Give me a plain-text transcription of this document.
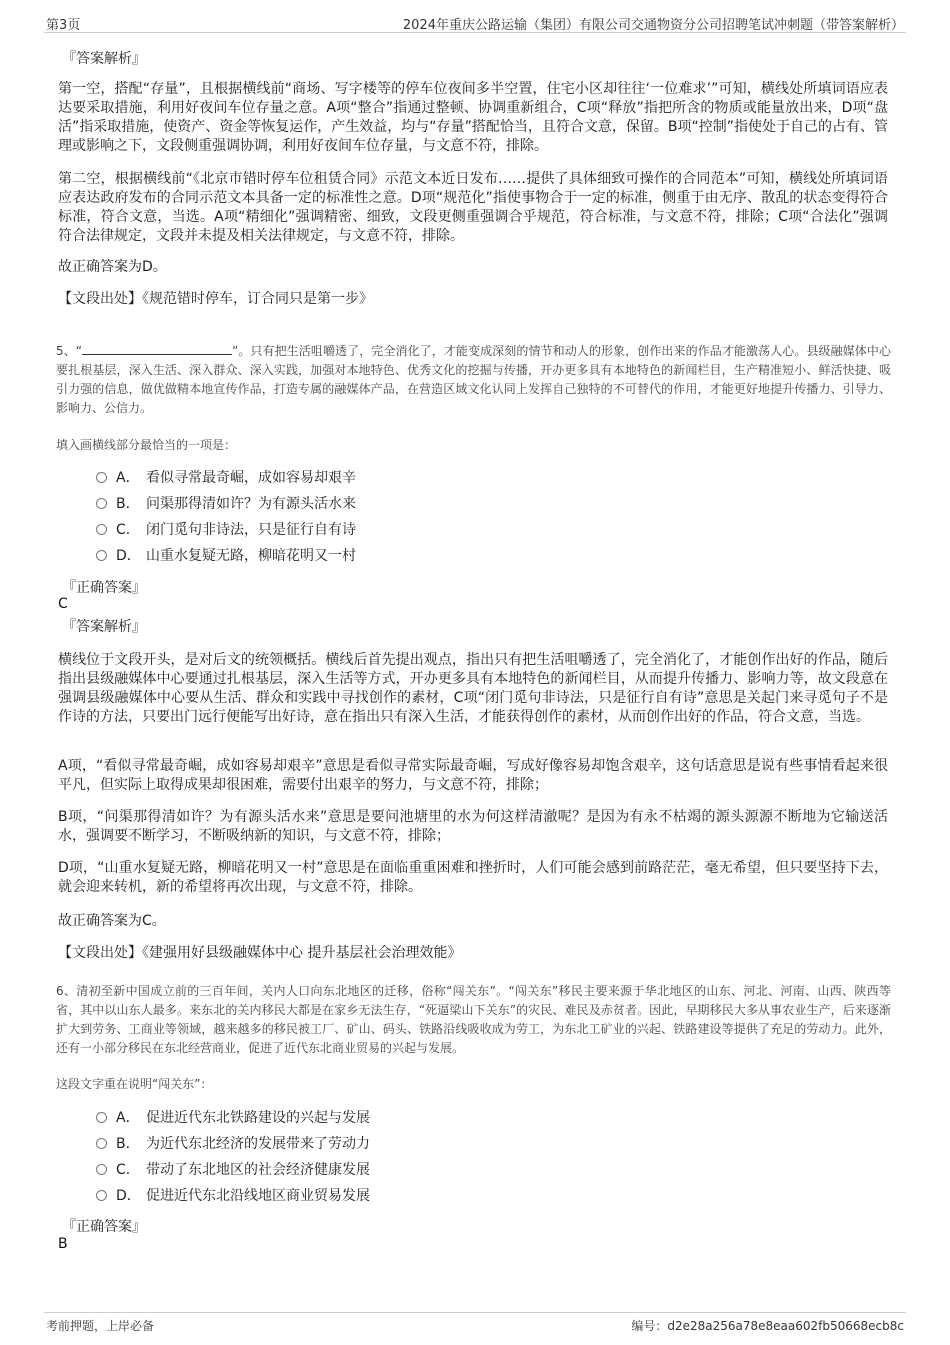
第3页	2024年重庆公路运输（集团）有限公司交通物资分公司招聘笔试冲刺题（带答案解析）
『答案解析』
第一空，搭配“存量”，且根据横线前“商场、写字楼等的停车位夜间多半空置，住宅小区却往往‘一位难求’”可知，横线处所填词语应表达要采取措施，利用好夜间车位存量之意。A项“整合”指通过整顿、协调重新组合，C项“释放”指把所含的物质或能量放出来，D项“盘活”指采取措施，使资产、资金等恢复运作，产生效益，均与“存量”搭配恰当，且符合文意，保留。B项“控制”指使处于自己的占有、管理或影响之下，文段侧重强调协调，利用好夜间车位存量，与文意不符，排除。
第二空，根据横线前“《北京市错时停车位租赁合同》示范文本近日发布……提供了具体细致可操作的合同范本”可知，横线处所填词语应表达政府发布的合同示范文本具备一定的标准性之意。D项“规范化”指使事物合于一定的标准，侧重于由无序、散乱的状态变得符合标准，符合文意，当选。A项“精细化”强调精密、细致，文段更侧重强调合乎规范，符合标准，与文意不符，排除；C项“合法化”强调符合法律规定，文段并未提及相关法律规定，与文意不符，排除。
故正确答案为D。
【文段出处】《规范错时停车，订合同只是第一步》
5、“	”。只有把生活咀嚼透了，完全消化了，才能变成深刻的情节和动人的形象，创作出来的作品才能激荡人心。县级融媒体中心要扎根基层，深入生活、深入群众、深入实践，加强对本地特色、优秀文化的挖掘与传播，开办更多具有本地特色的新闻栏目，生产精准短小、鲜活快捷、吸引力强的信息，做优做精本地宣传作品，打造专属的融媒体产品，在营造区域文化认同上发挥自己独特的不可替代的作用，才能更好地提升传播力、引导力、影响力、公信力。
填入画横线部分最恰当的一项是：
A． 看似寻常最奇崛，成如容易却艰辛
B． 问渠那得清如许？为有源头活水来
C． 闭门觅句非诗法，只是征行自有诗
D． 山重水复疑无路，柳暗花明又一村
『正确答案』
C
『答案解析』
横线位于文段开头，是对后文的统领概括。横线后首先提出观点，指出只有把生活咀嚼透了，完全消化了，才能创作出好的作品，随后指出县级融媒体中心要通过扎根基层，深入生活等方式，开办更多具有本地特色的新闻栏目，从而提升传播力、影响力等，故文段意在强调县级融媒体中心要从生活、群众和实践中寻找创作的素材，C项“闭门觅句非诗法，只是征行自有诗”意思是关起门来寻觅句子不是作诗的方法，只要出门远行便能写出好诗，意在指出只有深入生活，才能获得创作的素材，从而创作出好的作品，符合文意，当选。
A项，“看似寻常最奇崛，成如容易却艰辛”意思是看似寻常实际最奇崛，写成好像容易却饱含艰辛，这句话意思是说有些事情看起来很平凡，但实际上取得成果却很困难，需要付出艰辛的努力，与文意不符，排除；
B项，“问渠那得清如许？为有源头活水来”意思是要问池塘里的水为何这样清澈呢？是因为有永不枯竭的源头源源不断地为它输送活水，强调要不断学习，不断吸纳新的知识，与文意不符，排除；
D项，“山重水复疑无路，柳暗花明又一村”意思是在面临重重困难和挫折时，人们可能会感到前路茫茫，毫无希望，但只要坚持下去，就会迎来转机，新的希望将再次出现，与文意不符，排除。
故正确答案为C。
【文段出处】《建强用好县级融媒体中心 提升基层社会治理效能》
6、清初至新中国成立前的三百年间，关内人口向东北地区的迁移，俗称“闯关东”。“闯关东”移民主要来源于华北地区的山东、河北、河南、山西、陕西等省，其中以山东人最多。来东北的关内移民大都是在家乡无法生存，“死逼梁山下关东”的灾民、难民及赤贫者。因此，早期移民大多从事农业生产，后来逐渐扩大到劳务、工商业等领域，越来越多的移民被工厂、矿山、码头、铁路沿线吸收成为劳工，为东北工矿业的兴起、铁路建设等提供了充足的劳动力。此外，还有一小部分移民在东北经营商业，促进了近代东北商业贸易的兴起与发展。
这段文字重在说明“闯关东”：
A． 促进近代东北铁路建设的兴起与发展
B． 为近代东北经济的发展带来了劳动力
C． 带动了东北地区的社会经济健康发展
D． 促进近代东北沿线地区商业贸易发展
『正确答案』
B
考前押题，上岸必备	编号：d2e28a256a78e8eaa602fb50668ecb8c
